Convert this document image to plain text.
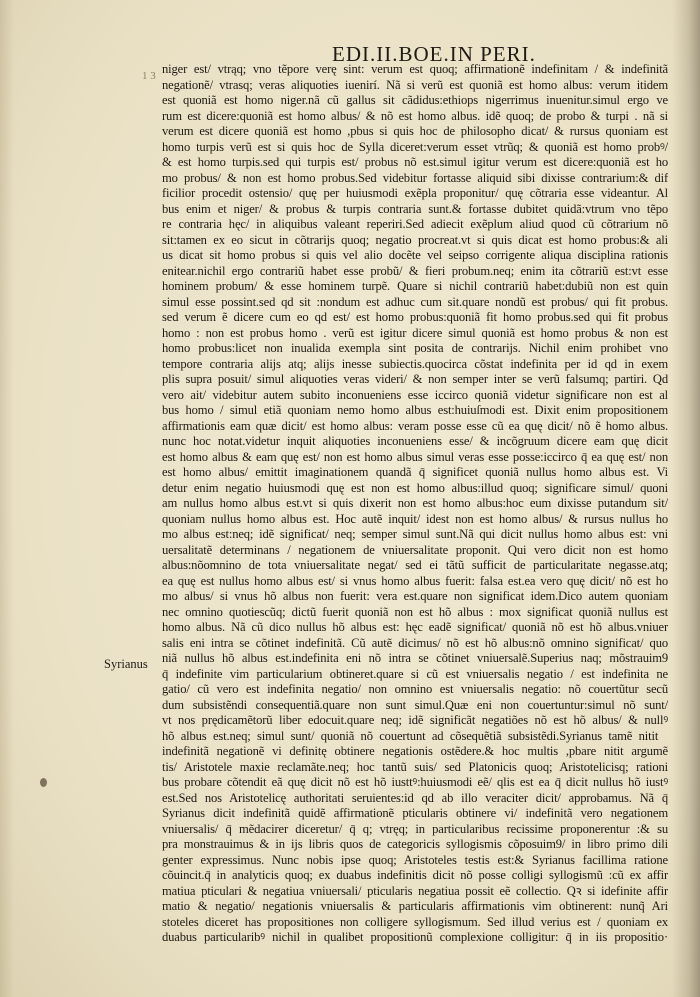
EDI.II.BOE.IN PERI.
1 3
Syrianus
niger est/ vtrąq; vno tẽpore verę sint: verum est quoq; affirmationẽ indefinitam / & indefinitã
negationẽ/ vtrasq; veras aliquoties iuenirí. Nã si verũ est quoniã est homo albus: verum itidem
est quoniã est homo niger.nã cũ gallus sit cãdidus:ethiops nigerrimus inuenitur.simul ergo ve
rum est dicere:quoniã est homo albus/ & nõ est homo albus. idẽ quoq; de probo & turpi . nã si
verum est dicere quoniã est homo ,pbus si quis hoc de philosopho dicat/ & rursus quoniam est
homo turpis verũ est si quis hoc de Sylla diceret:verum esset vtrũq; & quoniã est homo probꝰ/
& est homo turpis.sed qui turpis est/ probus nõ est.simul igitur verum est dicere:quoniã est ho
mo probus/ & non est homo probus.Sed videbitur fortasse aliquid sibi dixisse contrarium:& dif
ficilior procedit ostensio/ quę per huiusmodi exẽpla proponitur/ quę cõtraria esse videantur. Al
bus enim et niger/ & probus & turpis contraria sunt.& fortasse dubitet quidã:vtrum vno tẽpo
re contraria hęc/ in aliquibus valeant reperiri.Sed adiecit exẽplum aliud quod cũ cõtrarium nõ
sit:tamen ex eo sicut in cõtrarijs quoq; negatio procreat.vt si quis dicat est homo probus:& ali
us dicat sit homo probus si quis vel alio docẽte vel seipso corrigente aliqua disciplina rationis
enitear.nichil ergo contrariũ habet esse probũ/ & fieri probum.neq; enim ita cõtrariũ est:vt esse
hominem probum/ & esse hominem turpẽ. Quare si nichil contrariũ habet:dubiũ non est quin
simul esse possint.sed qd sit :nondum est adhuc cum sit.quare nondũ est probus/ qui fit probus.
sed verum ẽ dicere cum eo qd est/ est homo probus:quoniã fit homo probus.sed qui fit probus
homo : non est probus homo . verũ est igitur dicere simul quoniã est homo probus & non est
homo probus:licet non inualida exempla sint posita de contrarijs. Nichil enim prohibet vno
tempore contraria alijs atq; alijs inesse subiectis.quocirca cõstat indefinita per id qd in exem
plis supra posuit/ simul aliquoties veras videri/ & non semper inter se verũ falsumq; partiri. Qd
vero ait/ videbitur autem subito inconueniens esse iccirco quoniã videtur significare non est al
bus homo / simul etiã quoniam nemo homo albus est:huiuſmodi est. Dixit enim propositionem
affirmationis eam quæ dicit/ est homo albus: veram posse esse cũ ea quę dicit/ nõ ẽ homo albus.
nunc hoc notat.videtur inquit aliquoties inconueniens esse/ & incõgruum dicere eam quę dicit
est homo albus & eam quę est/ non est homo albus simul veras esse posse:iccirco q̄ ea quę est/ non
est homo albus/ emittit imaginationem quandã q̄ significet quoniã nullus homo albus est. Vi
detur enim negatio huiusmodi quę est non est homo albus:illud quoq; significare simul/ quoni
am nullus homo albus est.vt si quis dixerit non est homo albus:hoc eum dixisse putandum sit/
quoniam nullus homo albus est. Hoc autẽ inquit/ idest non est homo albus/ & rursus nullus ho
mo albus est:neq; idẽ significat/ neq; semper simul sunt.Nã qui dicit nullus homo albus est: vni
uersalitatẽ determinans / negationem de vniuersalitate proponit. Qui vero dicit non est homo
albus:nõomnino de tota vniuersalitate negat/ sed ei tãtũ sufficit de particularitate negasse.atq;
ea quę est nullus homo albus est/ si vnus homo albus fuerit: falsa est.ea vero quę dicit/ nõ est ho
mo albus/ si vnus hõ albus non fuerit: vera est.quare non significat idem.Dico autem quoniam
nec omnino quotiescũq; dictũ fuerit quoniã non est hõ albus : mox significat quoniã nullus est
homo albus. Nã cũ dico nullus hõ albus est: hęc eadẽ significat/ quoniã nõ est hõ albus.vniuer
salis eni intra se cõtinet indefinitã. Cũ autẽ dicimus/ nõ est hõ albus:nõ omnino significat/ quo
niã nullus hõ albus est.indefinita eni nõ intra se cõtinet vniuersalẽ.Superius naq; mõstrauim9
q̄ indefinite vim particularium obtineret.quare si cũ est vniuersalis negatio / est indefinita ne
gatio/ cũ vero est indefinita negatio/ non omnino est vniuersalis negatio: nõ couertũtur secũ
dum subsistẽndi consequentiã.quare non sunt simul.Quæ eni non couertuntur:simul nõ sunt/
vt nos prędicamẽtorũ liber edocuit.quare neq; idẽ significãt negatiões nõ est hõ albus/ & nullꝰ
hõ albus est.neq; simul sunt/ quoniã nõ couertunt ad cõsequẽtiã subsistẽdi.Syrianus tamẽ nititᷣ
indefinitã negationẽ vi definitę obtinere negationis ostẽdere.& hoc multis ,pbare nitit argumẽ
tis/ Aristotele maxie reclamãte.neq; hoc tantũ suis/ sed Platonicis quoq; Aristotelicisq; rationi
bus probare cõtendit eã quę dicit nõ est hõ iusttꝰ:huiusmodi eẽ/ qlis est ea q̄ dicit nullus hõ iustꝰ
est.Sed nos Aristotelicę authoritati seruientes:id qd ab illo veraciter dicit/ approbamus. Nã q̄
Syrianus dicit indefinitã quidẽ affirmationẽ pticularis obtinere vi/ indefinitã vero negationem
vniuersalis/ q̄ mẽdacirer diceretur/ q̄ q; vtręq; in particularibus recissime proponerentur :& su
pra monstrauimus & in ijs libris quos de categoricis syllogismis cõposuim9/ in libro primo dili
genter expressimus. Nunc nobis ipse quoq; Aristoteles testis est:& Syrianus facillima ratione
cõuincit.q̄ in analyticis quoq; ex duabus indefinitis dicit nõ posse colligi syllogismũ :cũ ex affir
matiua pticulari & negatiua vniuersali/ pticularis negatiua possit eẽ collectio. Qꝛ si idefinite affir
matio & negatio/ negationis vniuersalis & particularis affirmationis vim obtinerent: nunq̃ Ari
stoteles diceret has propositiones non colligere syllogismum. Sed illud verius est / quoniam ex
duabus particularibꝰ nichil in qualibet propositionũ complexione colligitur: q̄ in iis propositio·
